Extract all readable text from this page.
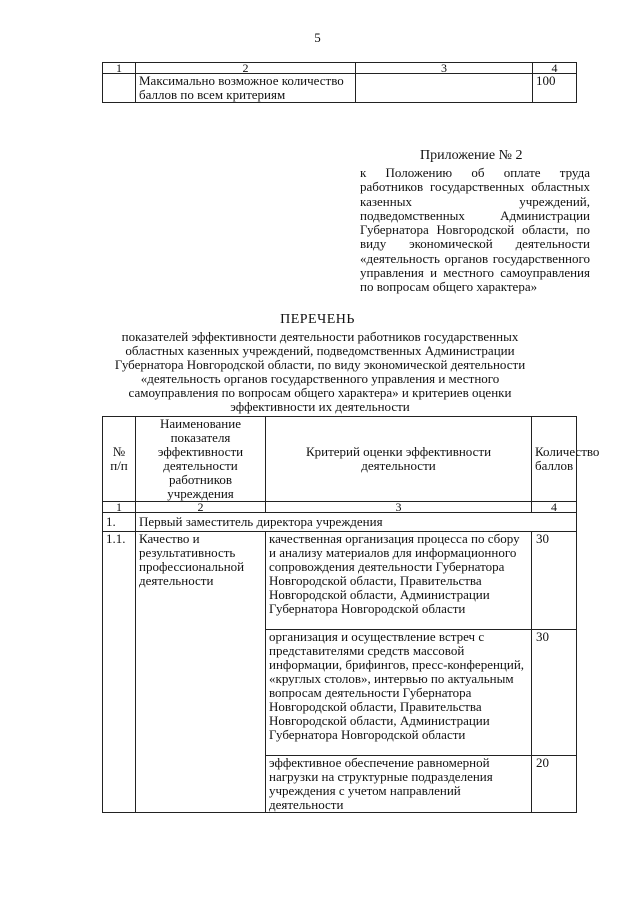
5
1	2	3	4
	Максимально возможное количество баллов по всем критериям		100
Приложение № 2
к Положению об оплате труда работников государственных областных казенных учреждений, подведомственных Администрации Губернатора Новгородской области, по виду экономической деятельности «деятельность органов государственного управления и местного самоуправления по вопросам общего характера»
ПЕРЕЧЕНЬ
показателей эффективности деятельности работников государственных областных казенных учреждений, подведомственных Администрации Губернатора Новгородской области, по виду экономической деятельности «деятельность органов государственного управления и местного самоуправления по вопросам общего характера» и критериев оценки эффективности их деятельности
№ п/п	Наименование показателя эффективности деятельности работников учреждения	Критерий оценки эффективности деятельности	Количество баллов
1	2	3	4
1.	Первый заместитель директора учреждения		
1.1.	Качество и результативность профессиональной деятельности	качественная организация процесса по сбору и анализу материалов для информационного сопровождения деятельности Губернатора Новгородской области, Правительства Новгородской области, Администрации Губернатора Новгородской области	30
		организация и осуществление встреч с представителями средств массовой информации, брифингов, пресс-конференций, «круглых столов», интервью по актуальным вопросам деятельности Губернатора Новгородской области, Правительства Новгородской области, Администрации Губернатора Новгородской области	30
		эффективное обеспечение равномерной нагрузки на структурные подразделения учреждения с учетом направлений деятельности	20
